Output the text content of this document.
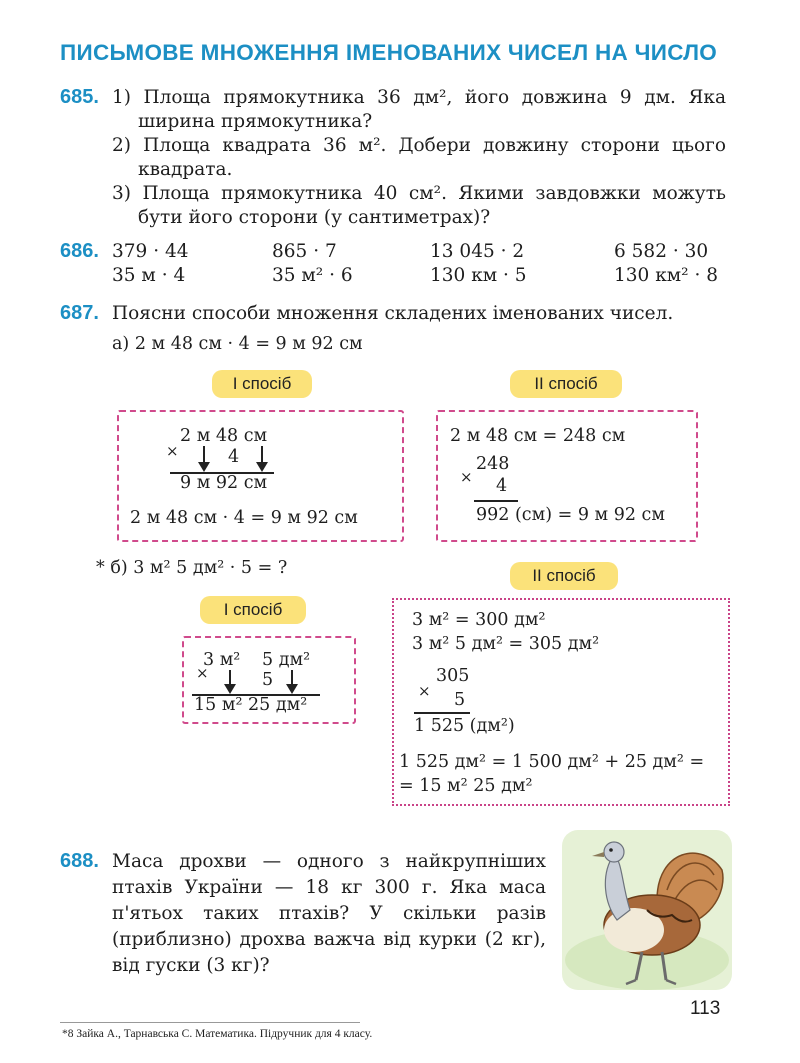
ПИСЬМОВЕ МНОЖЕННЯ ІМЕНОВАНИХ ЧИСЕЛ НА ЧИСЛО
685. 1) Площа прямокутника 36 дм², його довжина 9 дм. Яка
ширина прямокутника?
2) Площа квадрата 36 м². Добери довжину сторони цього
квадрата.
3) Площа прямокутника 40 см². Якими завдовжки можуть
бути його сторони (у сантиметрах)?
686. 379 · 44	865 · 7	13 045 · 2	6 582 · 30
35 м · 4	35 м² · 6	130 км · 5	130 км² · 8
687. Поясни способи множення складених іменованих чисел.
а) 2 м 48 см · 4 = 9 м 92 см
І спосіб	ІІ спосіб
2 м 48 см
×	4
9 м 92 см
2 м 48 см · 4 = 9 м 92 см
2 м 48 см = 248 см
248
× 4
992 (см) = 9 м 92 см
* б) 3 м² 5 дм² · 5 = ?	ІІ спосіб
І спосіб
3 м² 5 дм²
×	5
15 м² 25 дм²
3 м² = 300 дм²
3 м² 5 дм² = 305 дм²
305
× 5
1 525 (дм²)
1 525 дм² = 1 500 дм² + 25 дм² =
= 15 м² 25 дм²
688. Маса дрохви — одного з найкрупніших
птахів України — 18 кг 300 г. Яка маса
п'ятьох таких птахів? У скільки разів
(приблизно) дрохва важча від курки (2 кг),
від гуски (3 кг)?
113
*8 Зайка А., Тарнавська С. Математика. Підручник для 4 класу.
